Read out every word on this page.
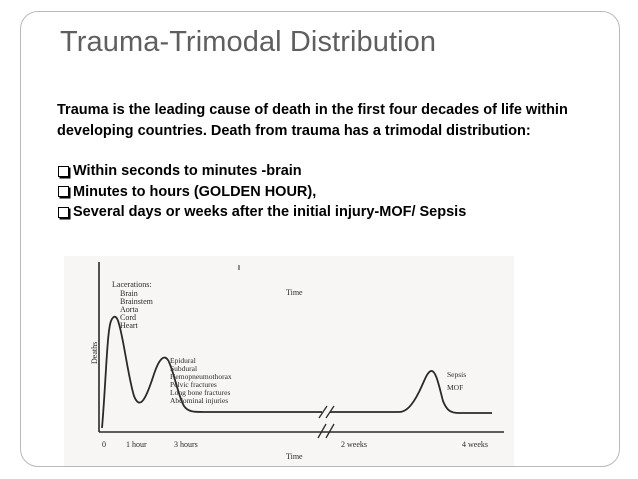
Trauma-Trimodal Distribution

Trauma is the leading cause of death in the first four decades of life within developing countries. Death from trauma has a trimodal distribution:

Within seconds to minutes -brain
Minutes to hours (GOLDEN HOUR),
Several days or weeks after the initial injury-MOF/ Sepsis
Deaths
Time
Time
0	1 hour	3 hours	2 weeks	4 weeks
Lacerations:
Brain
Brainstem
Aorta
Cord
Heart
Epidural
Subdural
Hemopneumothorax
Pelvic fractures
Long bone fractures
Abdominal injuries
Sepsis
MOF
